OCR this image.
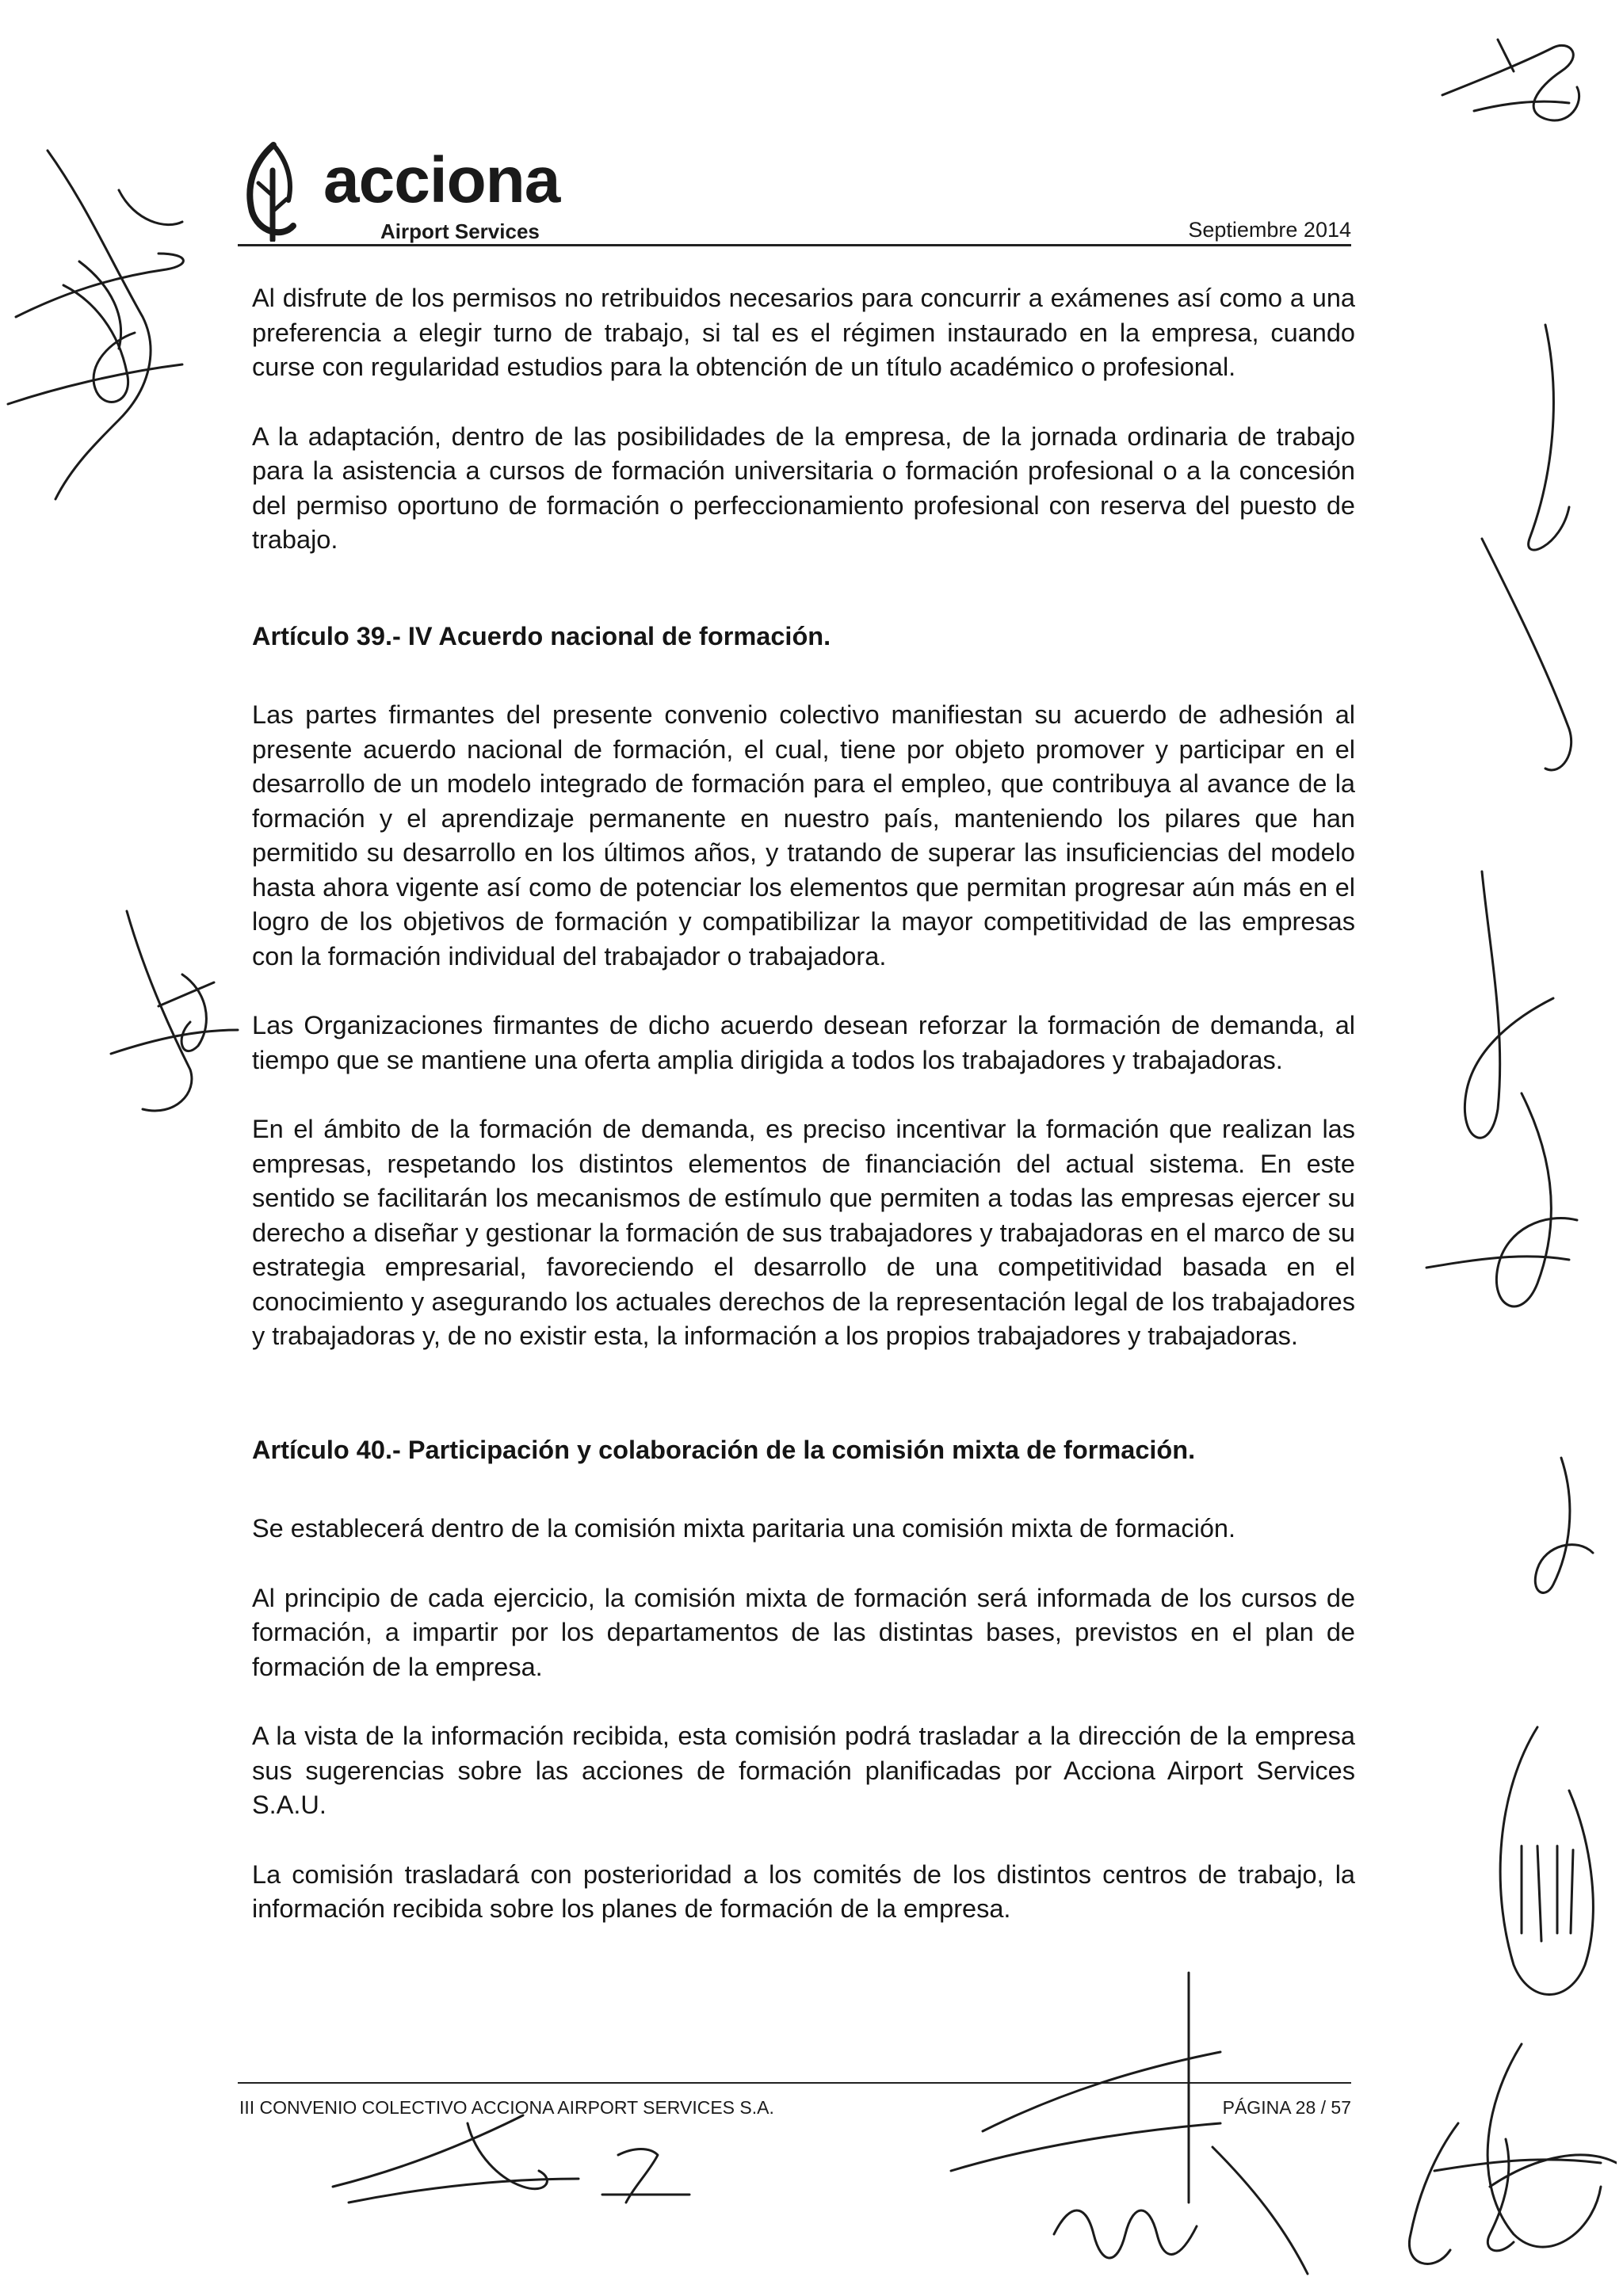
acciona
Airport Services	Septiembre 2014

Al disfrute de los permisos no retribuidos necesarios para concurrir a exámenes así como a una preferencia a elegir turno de trabajo, si tal es el régimen instaurado en la empresa, cuando curse con regularidad estudios para la obtención de un título académico o profesional.

A la adaptación, dentro de las posibilidades de la empresa, de la jornada ordinaria de trabajo para la asistencia a cursos de formación universitaria o formación profesional o a la concesión del permiso oportuno de formación o perfeccionamiento profesional con reserva del puesto de trabajo.

Artículo 39.- IV Acuerdo nacional de formación.

Las partes firmantes del presente convenio colectivo manifiestan su acuerdo de adhesión al presente acuerdo nacional de formación, el cual, tiene por objeto promover y participar en el desarrollo de un modelo integrado de formación para el empleo, que contribuya al avance de la formación y el aprendizaje permanente en nuestro país, manteniendo los pilares que han permitido su desarrollo en los últimos años, y tratando de superar las insuficiencias del modelo hasta ahora vigente así como de potenciar los elementos que permitan progresar aún más en el logro de los objetivos de formación y compatibilizar la mayor competitividad de las empresas con la formación individual del trabajador o trabajadora.

Las Organizaciones firmantes de dicho acuerdo desean reforzar la formación de demanda, al tiempo que se mantiene una oferta amplia dirigida a todos los trabajadores y trabajadoras.

En el ámbito de la formación de demanda, es preciso incentivar la formación que realizan las empresas, respetando los distintos elementos de financiación del actual sistema. En este sentido se facilitarán los mecanismos de estímulo que permiten a todas las empresas ejercer su derecho a diseñar y gestionar la formación de sus trabajadores y trabajadoras en el marco de su estrategia empresarial, favoreciendo el desarrollo de una competitividad basada en el conocimiento y asegurando los actuales derechos de la representación legal de los trabajadores y trabajadoras y, de no existir esta, la información a los propios trabajadores y trabajadoras.

Artículo 40.- Participación y colaboración de la comisión mixta de formación.

Se establecerá dentro de la comisión mixta paritaria una comisión mixta de formación.

Al principio de cada ejercicio, la comisión mixta de formación será informada de los cursos de formación, a impartir por los departamentos de las distintas bases, previstos en el plan de formación de la empresa.

A la vista de la información recibida, esta comisión podrá trasladar a la dirección de la empresa sus sugerencias sobre las acciones de formación planificadas por Acciona Airport Services S.A.U.

La comisión trasladará con posterioridad a los comités de los distintos centros de trabajo, la información recibida sobre los planes de formación de la empresa.

III CONVENIO COLECTIVO ACCIONA AIRPORT SERVICES S.A.	PÁGINA 28 / 57
